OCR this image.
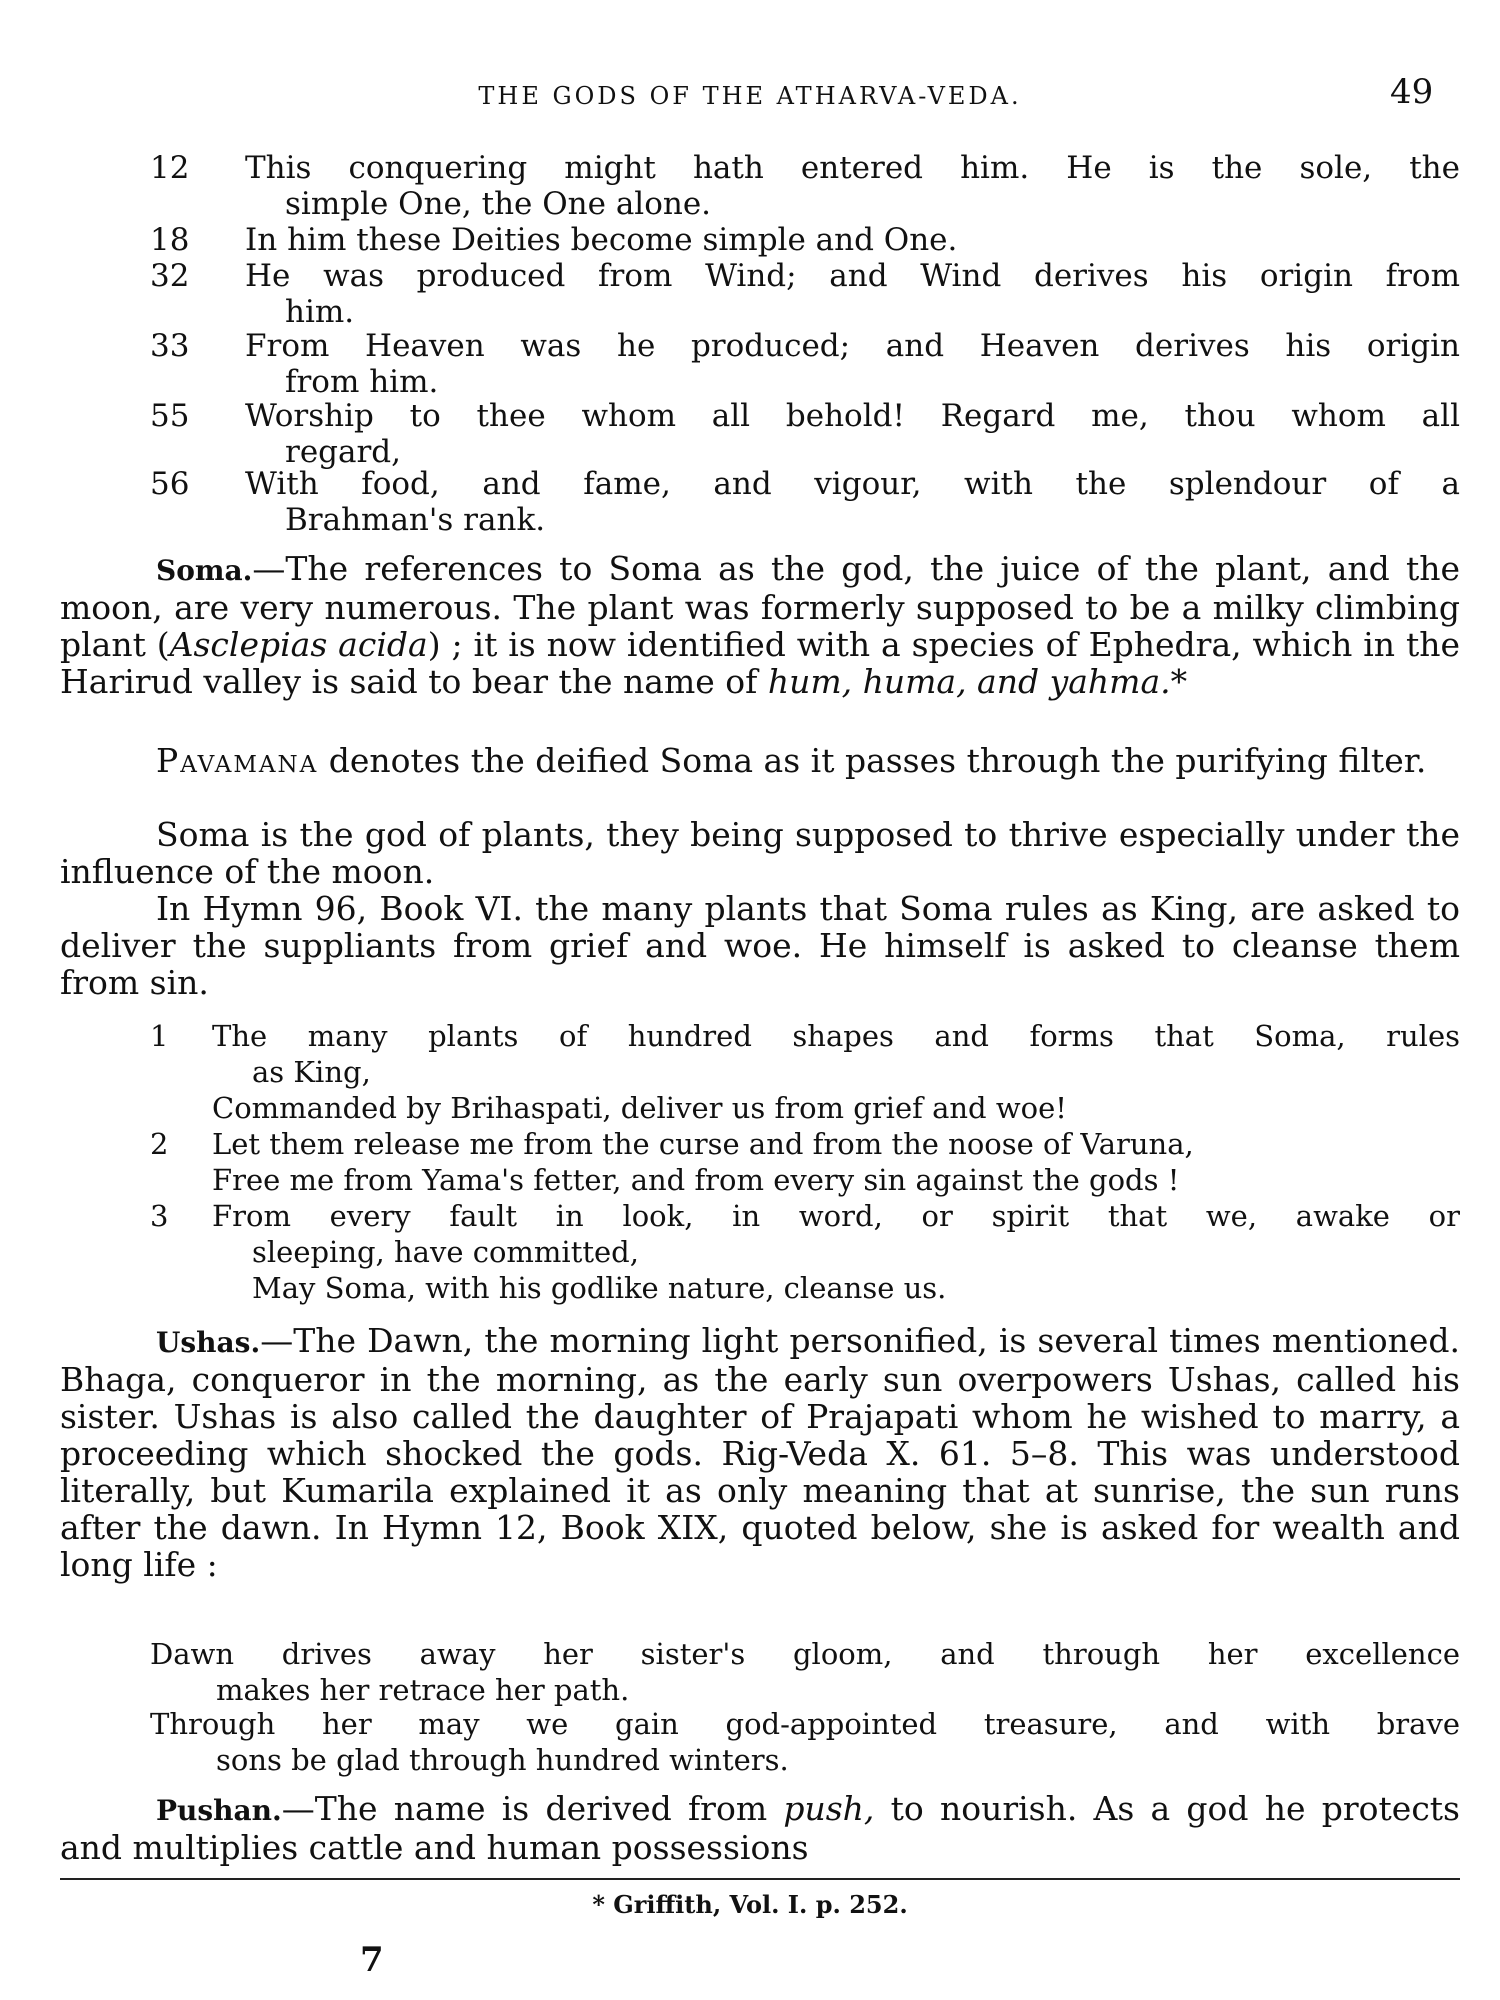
THE GODS OF THE ATHARVA-VEDA.	49
12 This conquering might hath entered him. He is the sole, the
simple One, the One alone.
18 In him these Deities become simple and One.
32 He was produced from Wind; and Wind derives his origin from
him.
33 From Heaven was he produced; and Heaven derives his origin
from him.
55 Worship to thee whom all behold! Regard me, thou whom all
regard,
56 With food, and fame, and vigour, with the splendour of a
Brahman's rank.
Soma.—The references to Soma as the god, the juice of the plant, and the moon, are very numerous. The plant was formerly supposed to be a milky climbing plant (Asclepias acida) ; it is now identified with a species of Ephedra, which in the Harirud valley is said to bear the name of hum, huma, and yahma.*
Pavamana denotes the deified Soma as it passes through the purifying filter.
Soma is the god of plants, they being supposed to thrive especially under the influence of the moon.
In Hymn 96, Book VI. the many plants that Soma rules as King, are asked to deliver the suppliants from grief and woe. He himself is asked to cleanse them from sin.
1 The many plants of hundred shapes and forms that Soma, rules
as King,
Commanded by Brihaspati, deliver us from grief and woe!
2 Let them release me from the curse and from the noose of Varuna,
Free me from Yama's fetter, and from every sin against the gods !
3 From every fault in look, in word, or spirit that we, awake or
sleeping, have committed,
May Soma, with his godlike nature, cleanse us.
Ushas.—The Dawn, the morning light personified, is several times mentioned. Bhaga, conqueror in the morning, as the early sun overpowers Ushas, called his sister. Ushas is also called the daughter of Prajapati whom he wished to marry, a proceeding which shocked the gods. Rig-Veda X. 61. 5–8. This was understood literally, but Kumarila explained it as only meaning that at sunrise, the sun runs after the dawn. In Hymn 12, Book XIX, quoted below, she is asked for wealth and long life :
Dawn drives away her sister's gloom, and through her excellence
makes her retrace her path.
Through her may we gain god-appointed treasure, and with brave
sons be glad through hundred winters.
Pushan.—The name is derived from push, to nourish. As a god he protects and multiplies cattle and human possessions
* Griffith, Vol. I. p. 252.
7
